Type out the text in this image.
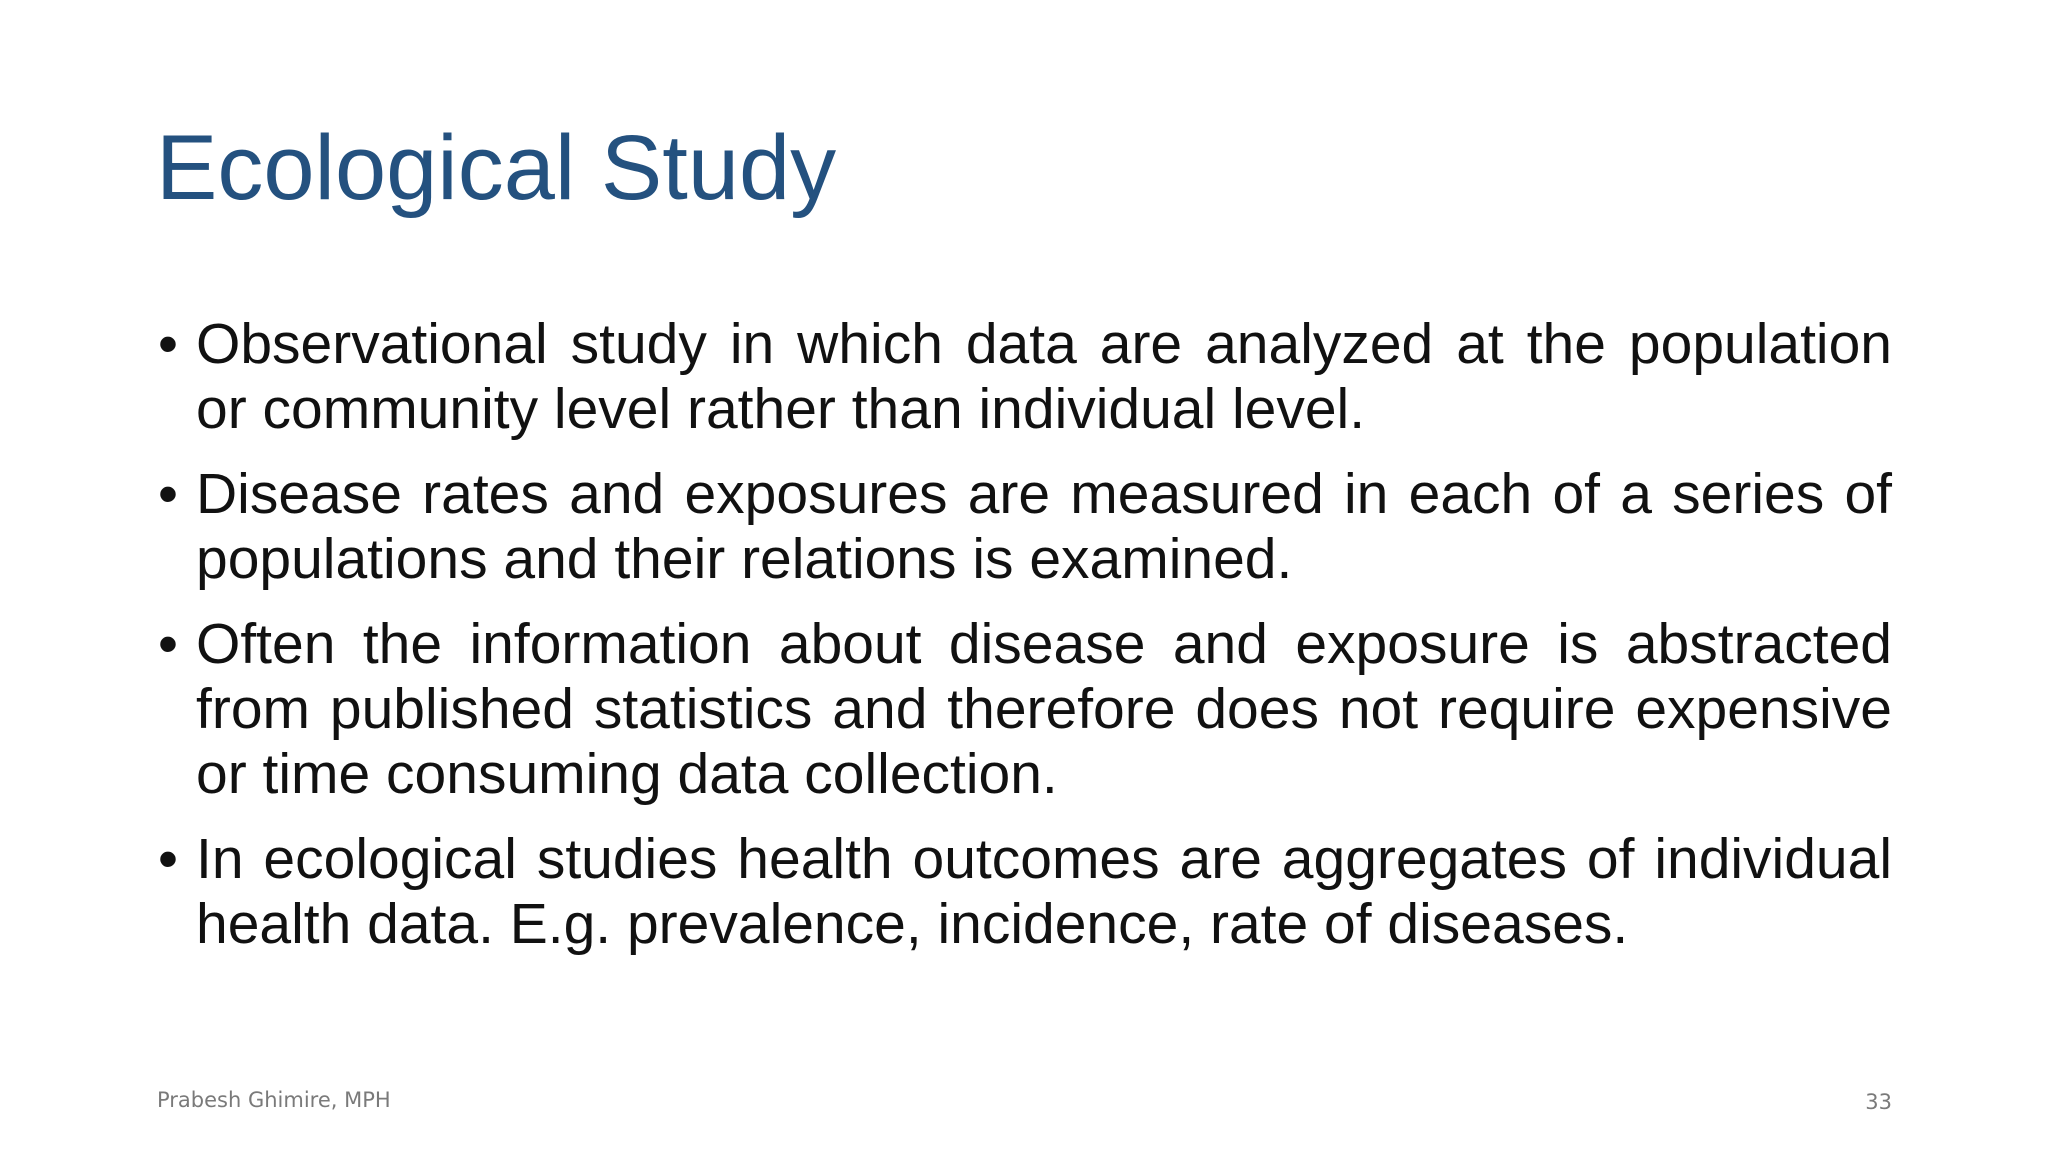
Ecological Study
• Observational study in which data are analyzed at the population or community level rather than individual level.
• Disease rates and exposures are measured in each of a series of populations and their relations is examined.
• Often the information about disease and exposure is abstracted from published statistics and therefore does not require expensive or time consuming data collection.
• In ecological studies health outcomes are aggregates of individual health data. E.g. prevalence, incidence, rate of diseases.
Prabesh Ghimire, MPH	33
